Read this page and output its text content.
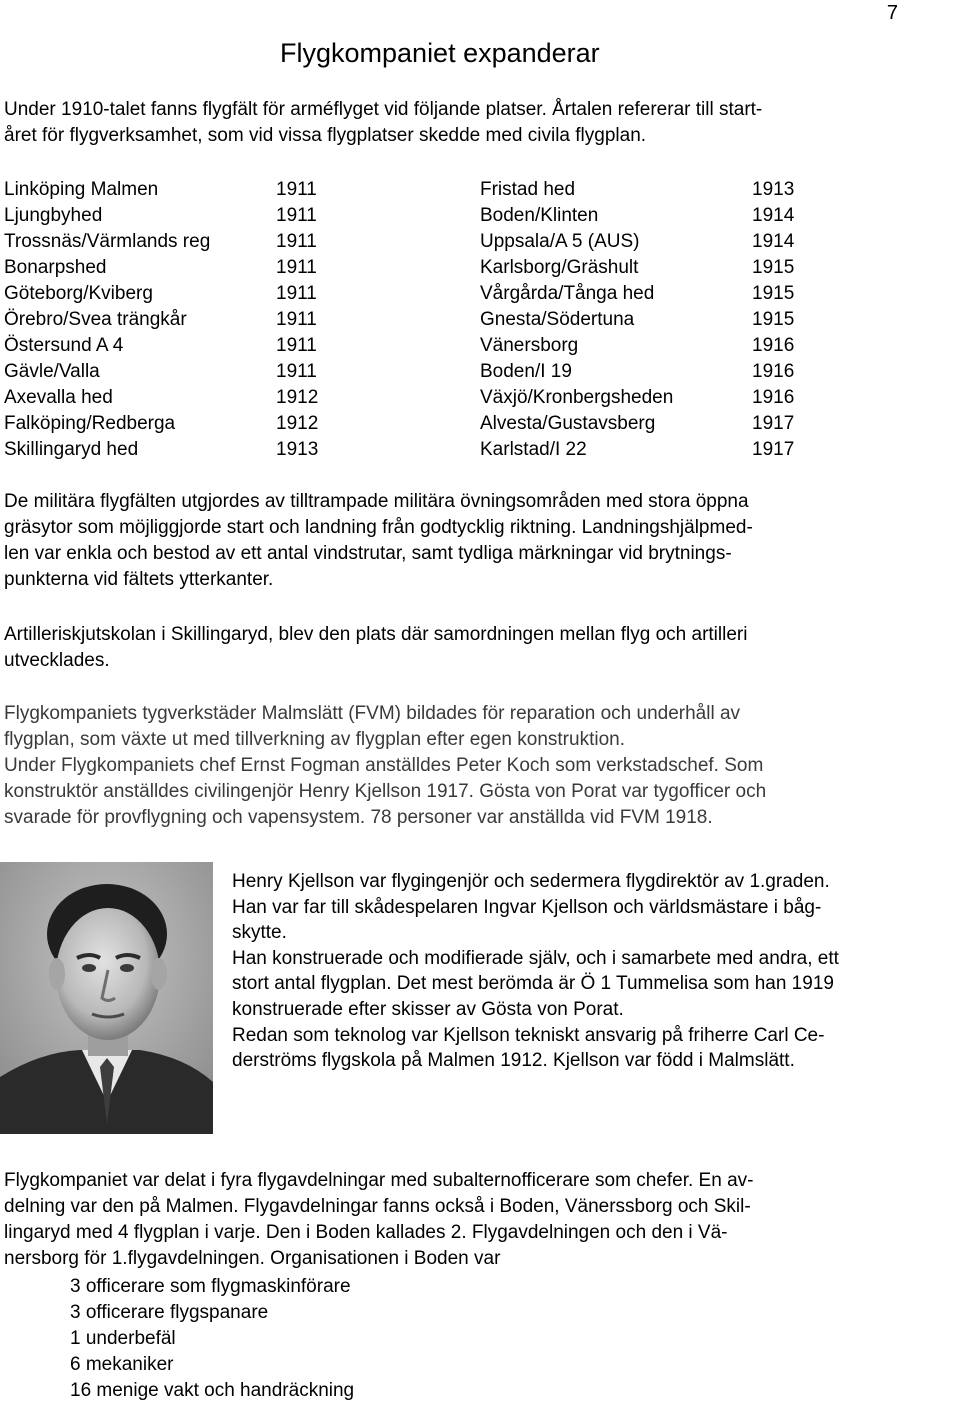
7
Flygkompaniet expanderar
Under 1910-talet fanns flygfält för arméflyget vid följande platser. Årtalen refererar till start-
året för flygverksamhet, som vid vissa flygplatser skedde med civila flygplan.
Linköping Malmen	1911	Fristad hed	1913
Ljungbyhed	1911	Boden/Klinten	1914
Trossnäs/Värmlands reg	1911	Uppsala/A 5 (AUS)	1914
Bonarpshed	1911	Karlsborg/Gräshult	1915
Göteborg/Kviberg	1911	Vårgårda/Tånga hed	1915
Örebro/Svea trängkår	1911	Gnesta/Södertuna	1915
Östersund A 4	1911	Vänersborg	1916
Gävle/Valla	1911	Boden/I 19	1916
Axevalla hed	1912	Växjö/Kronbergsheden	1916
Falköping/Redberga	1912	Alvesta/Gustavsberg	1917
Skillingaryd hed	1913	Karlstad/I 22	1917
De militära flygfälten utgjordes av tilltrampade militära övningsområden med stora öppna
gräsytor som möjliggjorde start och landning från godtycklig riktning. Landningshjälpmed-
len var enkla och bestod av ett antal vindstrutar, samt tydliga märkningar vid brytnings-
punkterna vid fältets ytterkanter.
Artilleriskjutskolan i Skillingaryd, blev den plats där samordningen mellan flyg och artilleri
utvecklades.
Flygkompaniets tygverkstäder Malmslätt (FVM) bildades för reparation och underhåll av
flygplan, som växte ut med tillverkning av flygplan efter egen konstruktion.
Under Flygkompaniets chef Ernst Fogman anställdes Peter Koch som verkstadschef. Som
konstruktör anställdes civilingenjör Henry Kjellson 1917. Gösta von Porat var tygofficer och
svarade för provflygning och vapensystem. 78 personer var anställda vid FVM 1918.
Henry Kjellson var flygingenjör och sedermera flygdirektör av 1.graden.
Han var far till skådespelaren Ingvar Kjellson och världsmästare i båg-
skytte.
Han konstruerade och modifierade själv, och i samarbete med andra, ett
stort antal flygplan. Det mest berömda är Ö 1 Tummelisa som han 1919
konstruerade efter skisser av Gösta von Porat.
Redan som teknolog var Kjellson tekniskt ansvarig på friherre Carl Ce-
derströms flygskola på Malmen 1912. Kjellson var född i Malmslätt.
Flygkompaniet var delat i fyra flygavdelningar med subalternofficerare som chefer. En av-
delning var den på Malmen. Flygavdelningar fanns också i Boden, Vänerssborg och Skil-
lingaryd med 4 flygplan i varje. Den i Boden kallades 2. Flygavdelningen och den i Vä-
nersborg för 1.flygavdelningen. Organisationen i Boden var
3 officerare som flygmaskinförare
3 officerare flygspanare
1 underbefäl
6 mekaniker
16 menige vakt och handräckning
